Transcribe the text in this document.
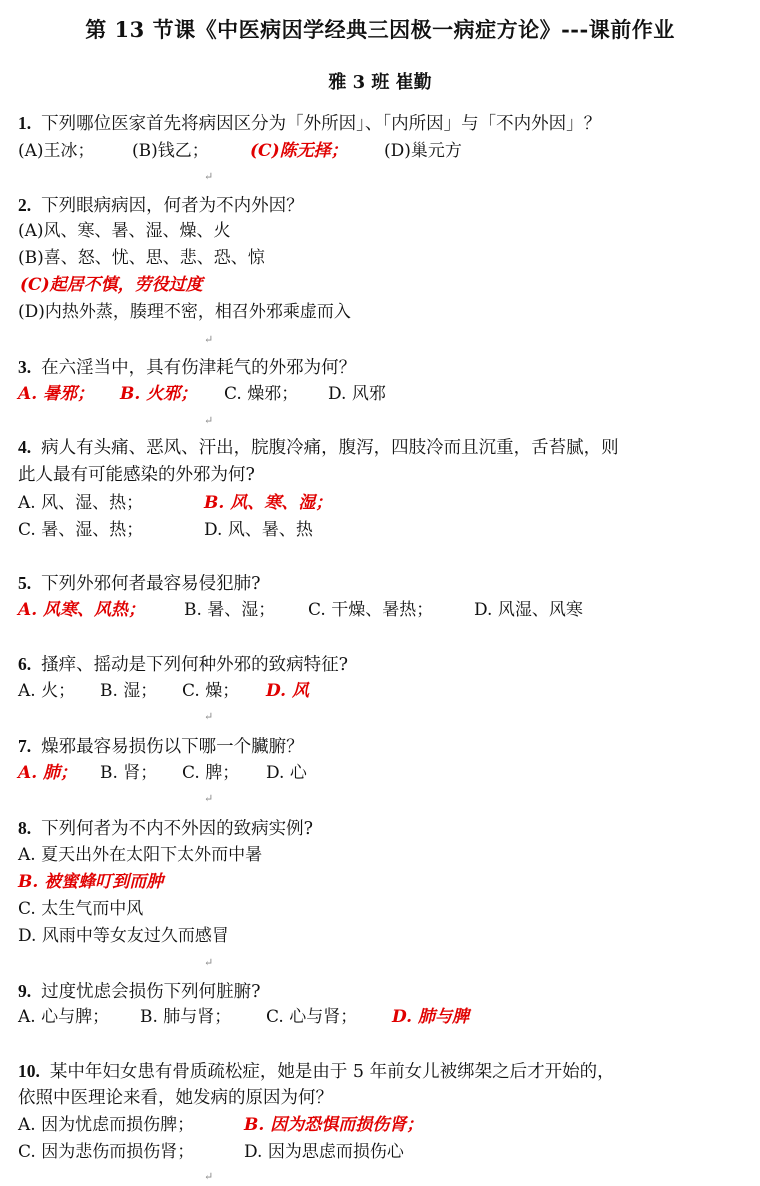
第 13 节课《中医病因学经典三因极一病症方论》---课前作业
雅 3 班 崔勤
1. 下列哪位医家首先将病因区分为「外所因」、「内所因」与「不内外因」？
(A)王冰； (B)钱乙； (C)陈无择； (D)巢元方
↵
2. 下列眼病病因，何者为不内外因？
(A)风、寒、暑、湿、燥、火
(B)喜、怒、忧、思、悲、恐、惊
(C)起居不慎，劳役过度
(D)内热外蒸，腠理不密，相召外邪乘虚而入
↵
3. 在六淫当中，具有伤津耗气的外邪为何？
A. 暑邪； B. 火邪； C. 燥邪； D. 风邪
↵
4. 病人有头痛、恶风、汗出，脘腹冷痛，腹泻，四肢冷而且沉重，舌苔腻，则
此人最有可能感染的外邪为何?
A. 风、湿、热；	B. 风、寒、湿；
C. 暑、湿、热；	D. 风、暑、热
5. 下列外邪何者最容易侵犯肺?
A. 风寒、风热； B. 暑、湿； C. 干燥、暑热； D. 风湿、风寒
6. 搔痒、摇动是下列何种外邪的致病特征?
A. 火； B. 湿； C. 燥； D. 风
↵
7. 燥邪最容易损伤以下哪一个臟腑？
A. 肺； B. 肾； C. 脾； D. 心
↵
8. 下列何者为不内不外因的致病实例?
A. 夏天出外在太阳下太外而中暑
B. 被蜜蜂叮到而肿
C. 太生气而中风
D. 风雨中等女友过久而感冒
↵
9. 过度忧虑会损伤下列何脏腑?
A. 心与脾； B. 肺与肾； C. 心与肾； D. 肺与脾
10. 某中年妇女患有骨质疏松症，她是由于 5 年前女儿被绑架之后才开始的，
依照中医理论来看，她发病的原因为何？
A. 因为忧虑而损伤脾；	B. 因为恐惧而损伤肾；
C. 因为悲伤而损伤肾；	D. 因为思虑而损伤心
↵
